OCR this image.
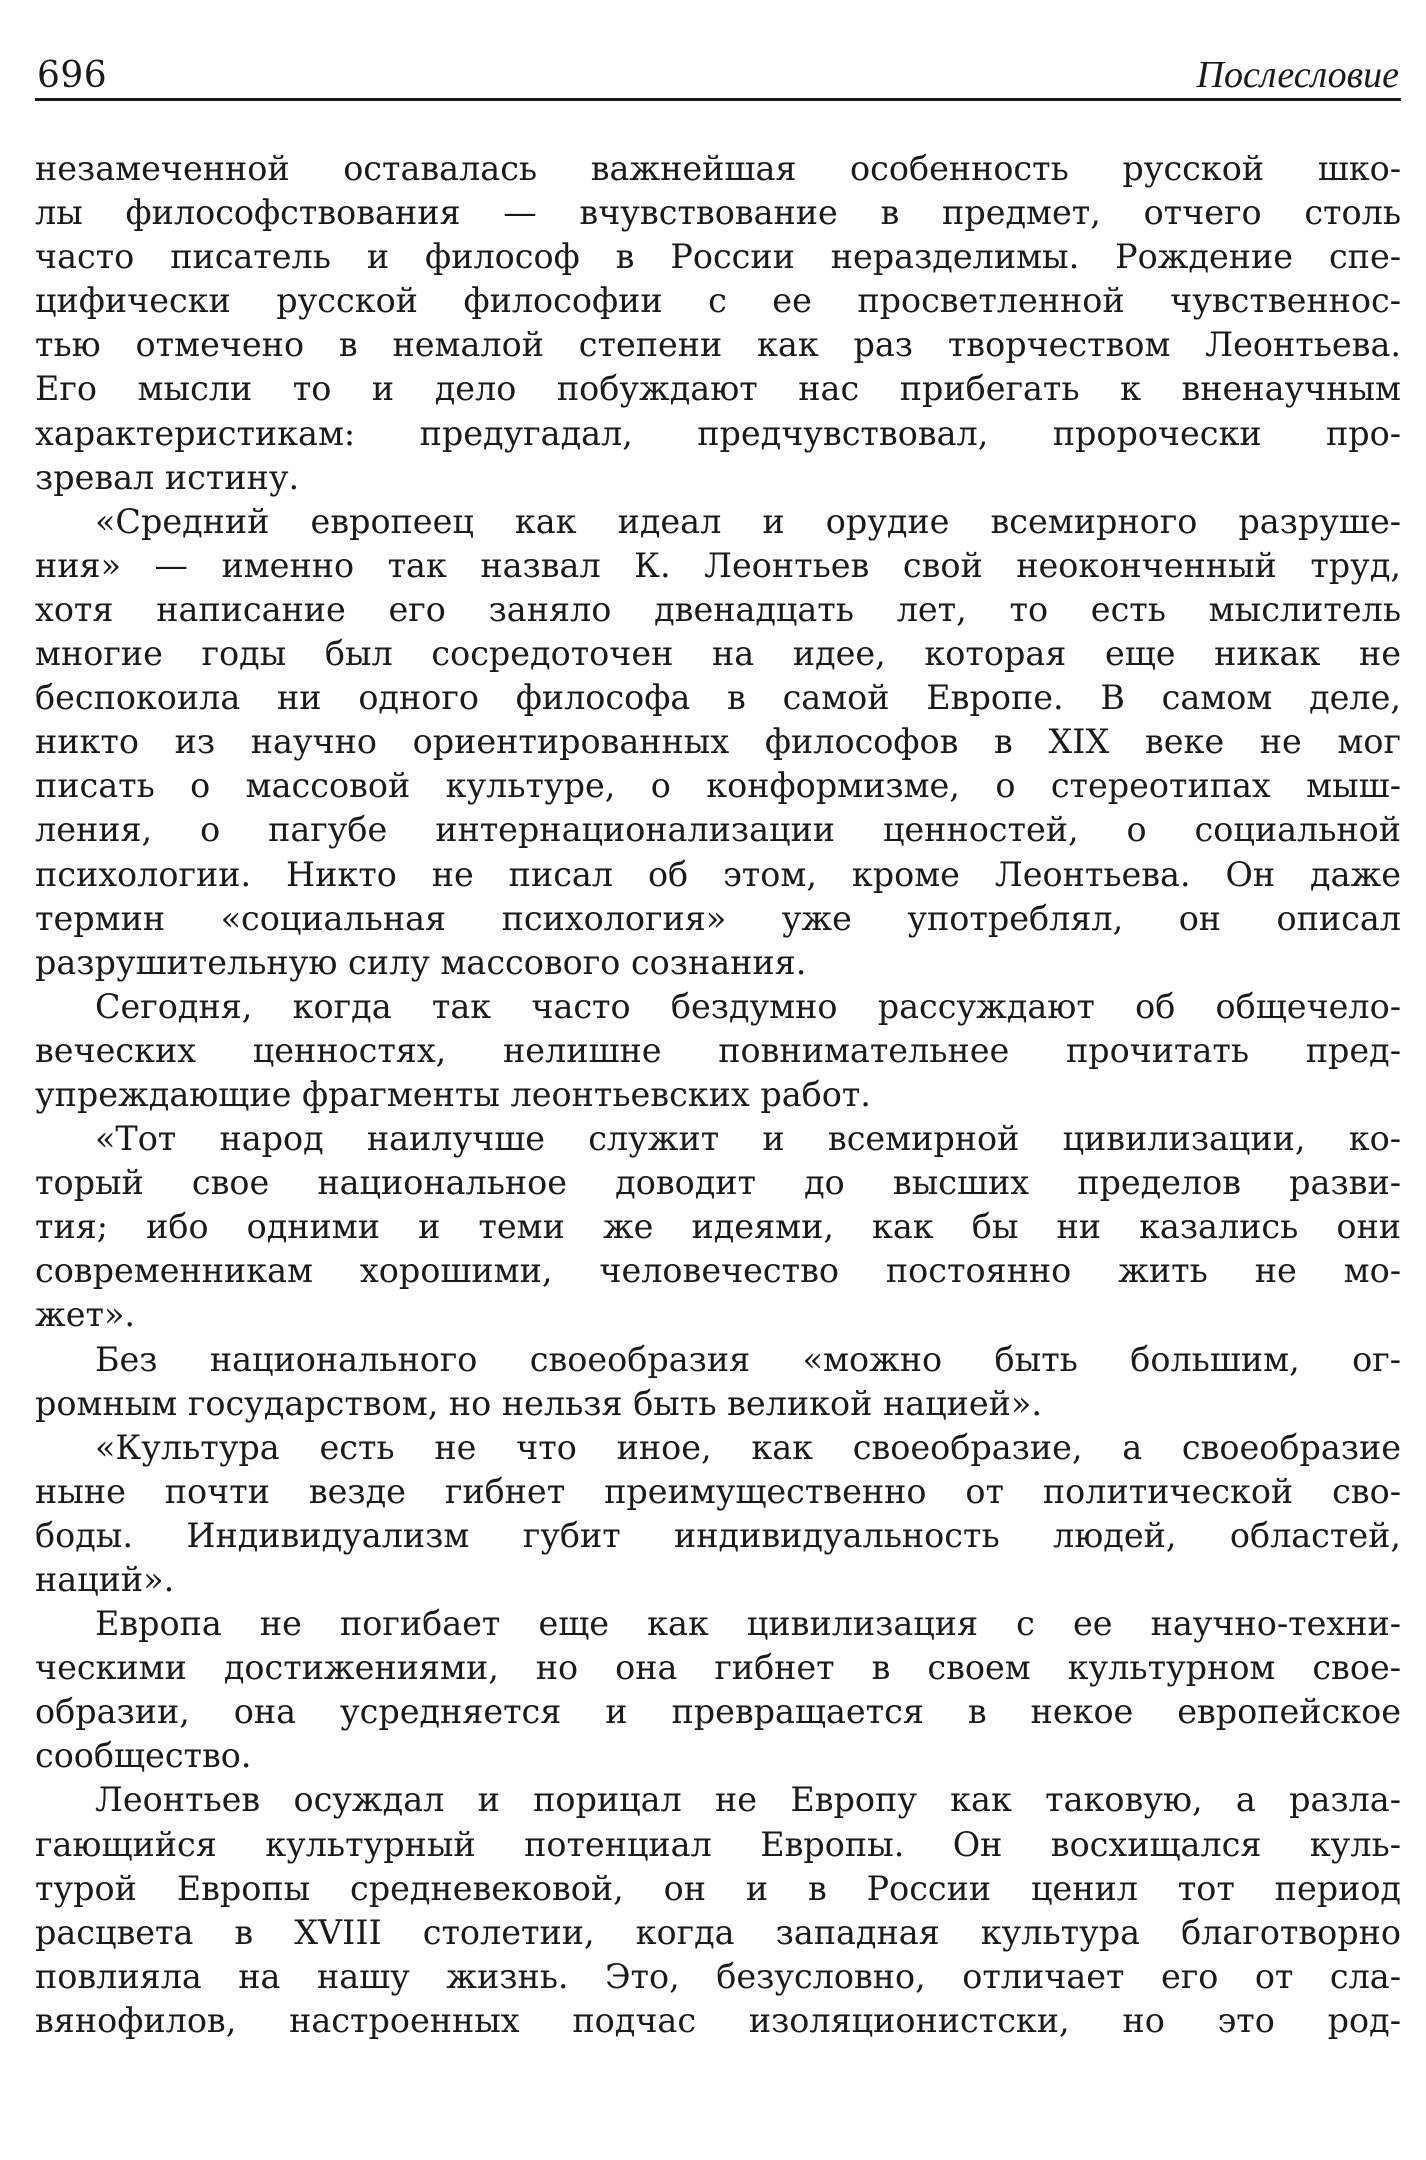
696	Послесловие
незамеченной оставалась важнейшая особенность русской шко-
лы философствования — вчувствование в предмет, отчего столь
часто писатель и философ в России неразделимы. Рождение спе-
цифически русской философии с ее просветленной чувственнос-
тью отмечено в немалой степени как раз творчеством Леонтьева.
Его мысли то и дело побуждают нас прибегать к вненаучным
характеристикам: предугадал, предчувствовал, пророчески про-
зревал истину.
«Средний европеец как идеал и орудие всемирного разруше-
ния» — именно так назвал К. Леонтьев свой неоконченный труд,
хотя написание его заняло двенадцать лет, то есть мыслитель
многие годы был сосредоточен на идее, которая еще никак не
беспокоила ни одного философа в самой Европе. В самом деле,
никто из научно ориентированных философов в XIX веке не мог
писать о массовой культуре, о конформизме, о стереотипах мыш-
ления, о пагубе интернационализации ценностей, о социальной
психологии. Никто не писал об этом, кроме Леонтьева. Он даже
термин «социальная психология» уже употреблял, он описал
разрушительную силу массового сознания.
Сегодня, когда так часто бездумно рассуждают об общечело-
веческих ценностях, нелишне повнимательнее прочитать пред-
упреждающие фрагменты леонтьевских работ.
«Тот народ наилучше служит и всемирной цивилизации, ко-
торый свое национальное доводит до высших пределов разви-
тия; ибо одними и теми же идеями, как бы ни казались они
современникам хорошими, человечество постоянно жить не мо-
жет».
Без национального своеобразия «можно быть большим, ог-
ромным государством, но нельзя быть великой нацией».
«Культура есть не что иное, как своеобразие, а своеобразие
ныне почти везде гибнет преимущественно от политической сво-
боды. Индивидуализм губит индивидуальность людей, областей,
наций».
Европа не погибает еще как цивилизация с ее научно-техни-
ческими достижениями, но она гибнет в своем культурном свое-
образии, она усредняется и превращается в некое европейское
сообщество.
Леонтьев осуждал и порицал не Европу как таковую, а разла-
гающийся культурный потенциал Европы. Он восхищался куль-
турой Европы средневековой, он и в России ценил тот период
расцвета в XVIII столетии, когда западная культура благотворно
повлияла на нашу жизнь. Это, безусловно, отличает его от сла-
вянофилов, настроенных подчас изоляционистски, но это род-
